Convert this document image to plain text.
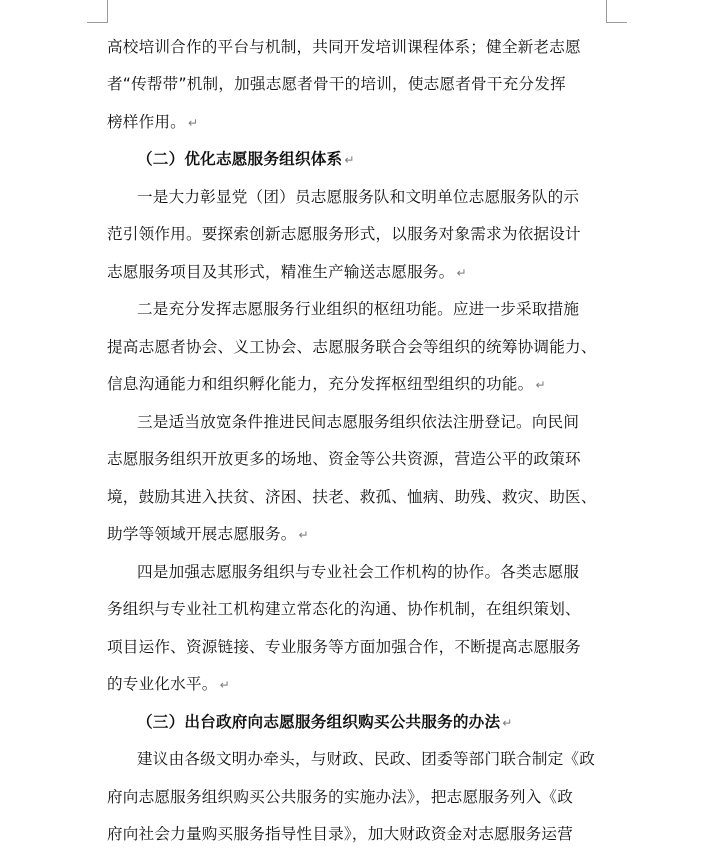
高校培训合作的平台与机制，共同开发培训课程体系；健全新老志愿
者“传帮带”机制，加强志愿者骨干的培训，使志愿者骨干充分发挥
榜样作用。 ↵
（二）优化志愿服务组织体系 ↵
一是大力彰显党（团）员志愿服务队和文明单位志愿服务队的示
范引领作用。要探索创新志愿服务形式，以服务对象需求为依据设计
志愿服务项目及其形式，精准生产输送志愿服务。 ↵
二是充分发挥志愿服务行业组织的枢纽功能。应进一步采取措施
提高志愿者协会、义工协会、志愿服务联合会等组织的统筹协调能力、
信息沟通能力和组织孵化能力，充分发挥枢纽型组织的功能。 ↵
三是适当放宽条件推进民间志愿服务组织依法注册登记。向民间
志愿服务组织开放更多的场地、资金等公共资源，营造公平的政策环
境，鼓励其进入扶贫、济困、扶老、救孤、恤病、助残、救灾、助医、
助学等领域开展志愿服务。 ↵
四是加强志愿服务组织与专业社会工作机构的协作。各类志愿服
务组织与专业社工机构建立常态化的沟通、协作机制，在组织策划、
项目运作、资源链接、专业服务等方面加强合作，不断提高志愿服务
的专业化水平。 ↵
（三）出台政府向志愿服务组织购买公共服务的办法 ↵
建议由各级文明办牵头，与财政、民政、团委等部门联合制定《政
府向志愿服务组织购买公共服务的实施办法》，把志愿服务列入《政
府向社会力量购买服务指导性目录》，加大财政资金对志愿服务运营
